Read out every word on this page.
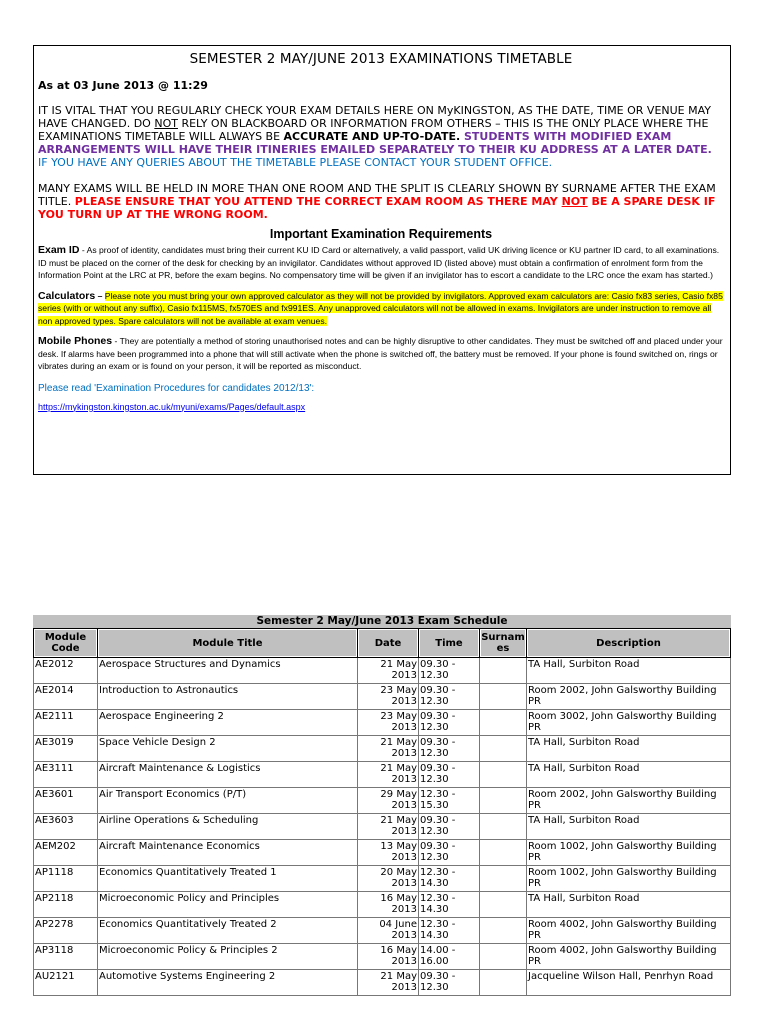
SEMESTER 2 MAY/JUNE 2013 EXAMINATIONS TIMETABLE
As at 03 June 2013 @ 11:29

IT IS VITAL THAT YOU REGULARLY CHECK YOUR EXAM DETAILS HERE ON MyKINGSTON, AS THE DATE, TIME OR VENUE MAY HAVE CHANGED. DO NOT RELY ON BLACKBOARD OR INFORMATION FROM OTHERS – THIS IS THE ONLY PLACE WHERE THE EXAMINATIONS TIMETABLE WILL ALWAYS BE ACCURATE AND UP-TO-DATE. STUDENTS WITH MODIFIED EXAM ARRANGEMENTS WILL HAVE THEIR ITINERIES EMAILED SEPARATELY TO THEIR KU ADDRESS AT A LATER DATE.

IF YOU HAVE ANY QUERIES ABOUT THE TIMETABLE PLEASE CONTACT YOUR STUDENT OFFICE.

MANY EXAMS WILL BE HELD IN MORE THAN ONE ROOM AND THE SPLIT IS CLEARLY SHOWN BY SURNAME AFTER THE EXAM TITLE. PLEASE ENSURE THAT YOU ATTEND THE CORRECT EXAM ROOM AS THERE MAY NOT BE A SPARE DESK IF YOU TURN UP AT THE WRONG ROOM.

Important Examination Requirements

Exam ID - As proof of identity, candidates must bring their current KU ID Card or alternatively, a valid passport, valid UK driving licence or KU partner ID card, to all examinations. ID must be placed on the corner of the desk for checking by an invigilator. Candidates without approved ID (listed above) must obtain a confirmation of enrolment form from the Information Point at the LRC at PR, before the exam begins. No compensatory time will be given if an invigilator has to escort a candidate to the LRC once the exam has started.)

Calculators – Please note you must bring your own approved calculator as they will not be provided by invigilators. Approved exam calculators are: Casio fx83 series, Casio fx85 series (with or without any suffix), Casio fx115MS, fx570ES and fx991ES. Any unapproved calculators will not be allowed in exams. Invigilators are under instruction to remove all non approved types. Spare calculators will not be available at exam venues.

Mobile Phones - They are potentially a method of storing unauthorised notes and can be highly disruptive to other candidates. They must be switched off and placed under your desk. If alarms have been programmed into a phone that will still activate when the phone is switched off, the battery must be removed. If your phone is found switched on, rings or vibrates during an exam or is found on your person, it will be reported as misconduct.

Please read 'Examination Procedures for candidates 2012/13':
https://mykingston.kingston.ac.uk/myuni/exams/Pages/default.aspx
Semester 2 May/June 2013 Exam Schedule
Module
Code	Module Title	Date	Time	Surnam
es	Description
AE2012	Aerospace Structures and Dynamics	21 May
2013	09.30 -
12.30		TA Hall, Surbiton Road
AE2014	Introduction to Astronautics	23 May
2013	09.30 -
12.30		Room 2002, John Galsworthy Building
PR
AE2111	Aerospace Engineering 2	23 May
2013	09.30 -
12.30		Room 3002, John Galsworthy Building
PR
AE3019	Space Vehicle Design 2	21 May
2013	09.30 -
12.30		TA Hall, Surbiton Road
AE3111	Aircraft Maintenance & Logistics	21 May
2013	09.30 -
12.30		TA Hall, Surbiton Road
AE3601	Air Transport Economics (P/T)	29 May
2013	12.30 -
15.30		Room 2002, John Galsworthy Building
PR
AE3603	Airline Operations & Scheduling	21 May
2013	09.30 -
12.30		TA Hall, Surbiton Road
AEM202	Aircraft Maintenance Economics	13 May
2013	09.30 -
12.30		Room 1002, John Galsworthy Building
PR
AP1118	Economics Quantitatively Treated 1	20 May
2013	12.30 -
14.30		Room 1002, John Galsworthy Building
PR
AP2118	Microeconomic Policy and Principles	16 May
2013	12.30 -
14.30		TA Hall, Surbiton Road
AP2278	Economics Quantitatively Treated 2	04 June
2013	12.30 -
14.30		Room 4002, John Galsworthy Building
PR
AP3118	Microeconomic Policy & Principles 2	16 May
2013	14.00 -
16.00		Room 4002, John Galsworthy Building
PR
AU2121	Automotive Systems Engineering 2	21 May
2013	09.30 -
12.30		Jacqueline Wilson Hall, Penrhyn Road
